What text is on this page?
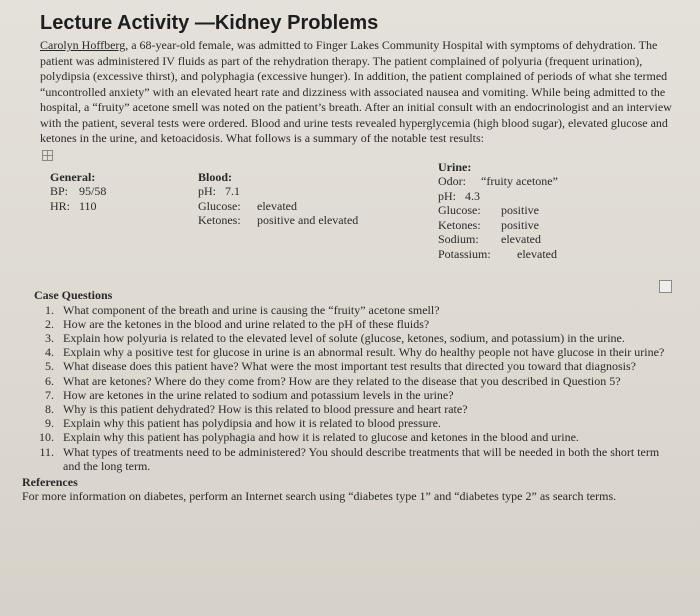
Lecture Activity —Kidney Problems

Carolyn Hoffberg, a 68-year-old female, was admitted to Finger Lakes Community Hospital with symptoms of dehydration. The patient was administered IV fluids as part of the rehydration therapy. The patient complained of polyuria (frequent urination), polydipsia (excessive thirst), and polyphagia (excessive hunger). In addition, the patient complained of periods of what she termed “uncontrolled anxiety” with an elevated heart rate and dizziness with associated nausea and vomiting. While being admitted to the hospital, a “fruity” acetone smell was noted on the patient’s breath. After an initial consult with an endocrinologist and an interview with the patient, several tests were ordered. Blood and urine tests revealed hyperglycemia (high blood sugar), elevated glucose and ketones in the urine, and ketoacidosis. What follows is a summary of the notable test results:

General:
BP: 95/58
HR: 110
Blood:
pH: 7.1
Glucose: elevated
Ketones: positive and elevated
Urine:
Odor: “fruity acetone”
pH: 4.3
Glucose: positive
Ketones: positive
Sodium: elevated
Potassium: elevated
Case Questions
1. What component of the breath and urine is causing the “fruity” acetone smell?
2. How are the ketones in the blood and urine related to the pH of these fluids?
3. Explain how polyuria is related to the elevated level of solute (glucose, ketones, sodium, and potassium) in the urine.
4. Explain why a positive test for glucose in urine is an abnormal result. Why do healthy people not have glucose in their urine?
5. What disease does this patient have? What were the most important test results that directed you toward that diagnosis?
6. What are ketones? Where do they come from? How are they related to the disease that you described in Question 5?
7. How are ketones in the urine related to sodium and potassium levels in the urine?
8. Why is this patient dehydrated? How is this related to blood pressure and heart rate?
9. Explain why this patient has polydipsia and how it is related to blood pressure.
10. Explain why this patient has polyphagia and how it is related to glucose and ketones in the blood and urine.
11. What types of treatments need to be administered? You should describe treatments that will be needed in both the short term and the long term.
References
For more information on diabetes, perform an Internet search using “diabetes type 1” and “diabetes type 2” as search terms.
